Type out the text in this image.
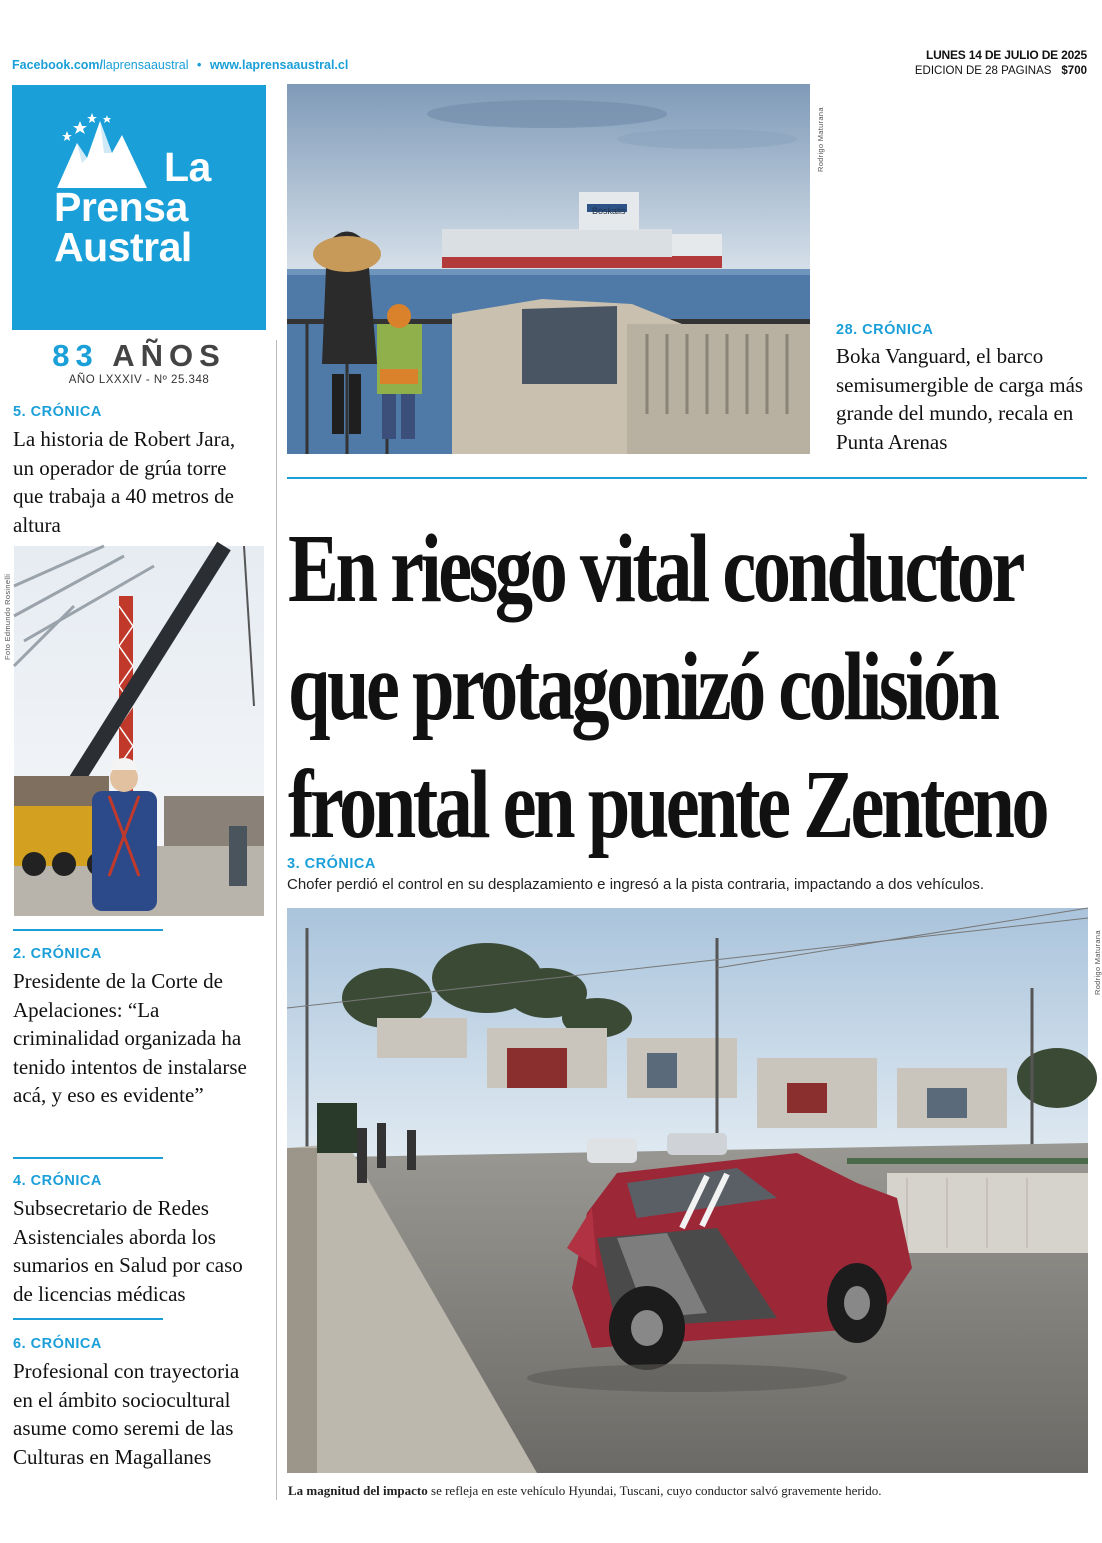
Facebook.com/laprensaaustral • www.laprensaaustral.cl
LUNES 14 DE JULIO DE 2025
EDICION DE 28 PAGINAS $700
La
Prensa
Austral
83 AÑOS
AÑO LXXXIV - Nº 25.348
5. CRÓNICA
La historia de Robert Jara, un operador de grúa torre que trabaja a 40 metros de altura
Foto Edmundo Rosinelli
2. CRÓNICA
Presidente de la Corte de Apelaciones: “La criminalidad organizada ha tenido intentos de instalarse acá, y eso es evidente”
4. CRÓNICA
Subsecretario de Redes Asistenciales aborda los sumarios en Salud por caso de licencias médicas
6. CRÓNICA
Profesional con trayectoria en el ámbito sociocultural asume como seremi de las Culturas en Magallanes
Boskalis
Rodrigo Maturana
28. CRÓNICA
Boka Vanguard, el barco semisumergible de carga más grande del mundo, recala en Punta Arenas
En riesgo vital conductor
que protagonizó colisión
frontal en puente Zenteno
3. CRÓNICA
Chofer perdió el control en su desplazamiento e ingresó a la pista contraria, impactando a dos vehículos.
Rodrigo Maturana
La magnitud del impacto se refleja en este vehículo Hyundai, Tuscani, cuyo conductor salvó gravemente herido.
